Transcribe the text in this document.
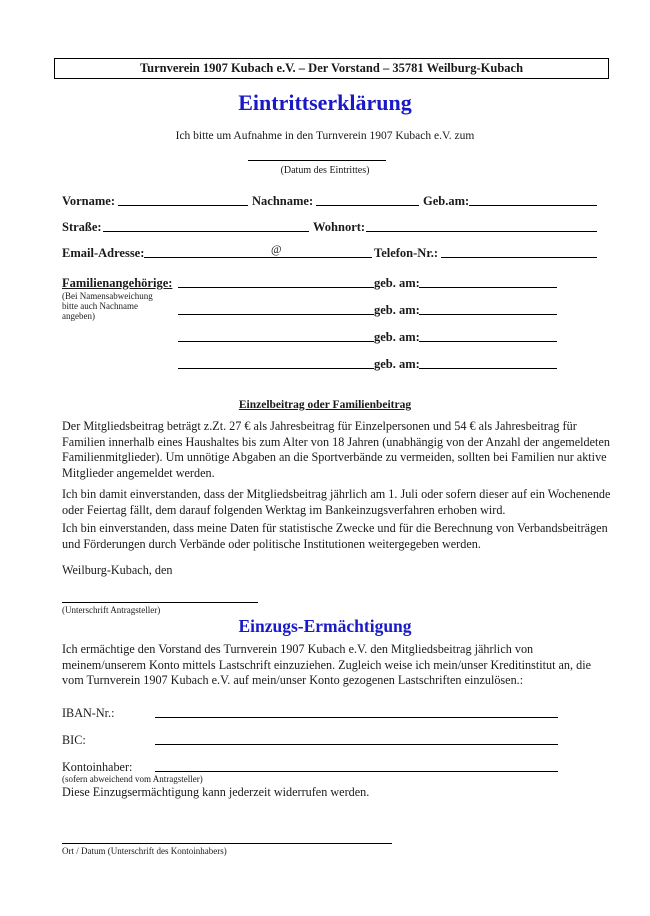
Turnverein 1907 Kubach e.V. – Der Vorstand – 35781 Weilburg-Kubach
Eintrittserklärung
Ich bitte um Aufnahme in den Turnverein 1907 Kubach e.V. zum
(Datum des Eintrittes)
Vorname:	Nachname:	Geb.am:
Straße:	Wohnort:
Email-Adresse:	@	Telefon-Nr.:
Familienangehörige:
(Bei Namensabweichung
bitte auch Nachname
angeben)
geb. am:
geb. am:
geb. am:
geb. am:
Einzelbeitrag oder Familienbeitrag
Der Mitgliedsbeitrag beträgt z.Zt. 27 € als Jahresbeitrag für Einzelpersonen und 54 € als Jahresbeitrag für
Familien innerhalb eines Haushaltes bis zum Alter von 18 Jahren (unabhängig von der Anzahl der angemeldeten
Familienmitglieder). Um unnötige Abgaben an die Sportverbände zu vermeiden, sollten bei Familien nur aktive
Mitglieder angemeldet werden.
Ich bin damit einverstanden, dass der Mitgliedsbeitrag jährlich am 1. Juli oder sofern dieser auf ein Wochenende
oder Feiertag fällt, dem darauf folgenden Werktag im Bankeinzugsverfahren erhoben wird.
Ich bin einverstanden, dass meine Daten für statistische Zwecke und für die Berechnung von Verbandsbeiträgen
und Förderungen durch Verbände oder politische Institutionen weitergegeben werden.
Weilburg-Kubach, den
(Unterschrift Antragsteller)
Einzugs-Ermächtigung
Ich ermächtige den Vorstand des Turnverein 1907 Kubach e.V. den Mitgliedsbeitrag jährlich von
meinem/unserem Konto mittels Lastschrift einzuziehen. Zugleich weise ich mein/unser Kreditinstitut an, die
vom Turnverein 1907 Kubach e.V. auf mein/unser Konto gezogenen Lastschriften einzulösen.:
IBAN-Nr.:
BIC:
Kontoinhaber:
(sofern abweichend vom Antragsteller)
Diese Einzugsermächtigung kann jederzeit widerrufen werden.
Ort / Datum (Unterschrift des Kontoinhabers)
